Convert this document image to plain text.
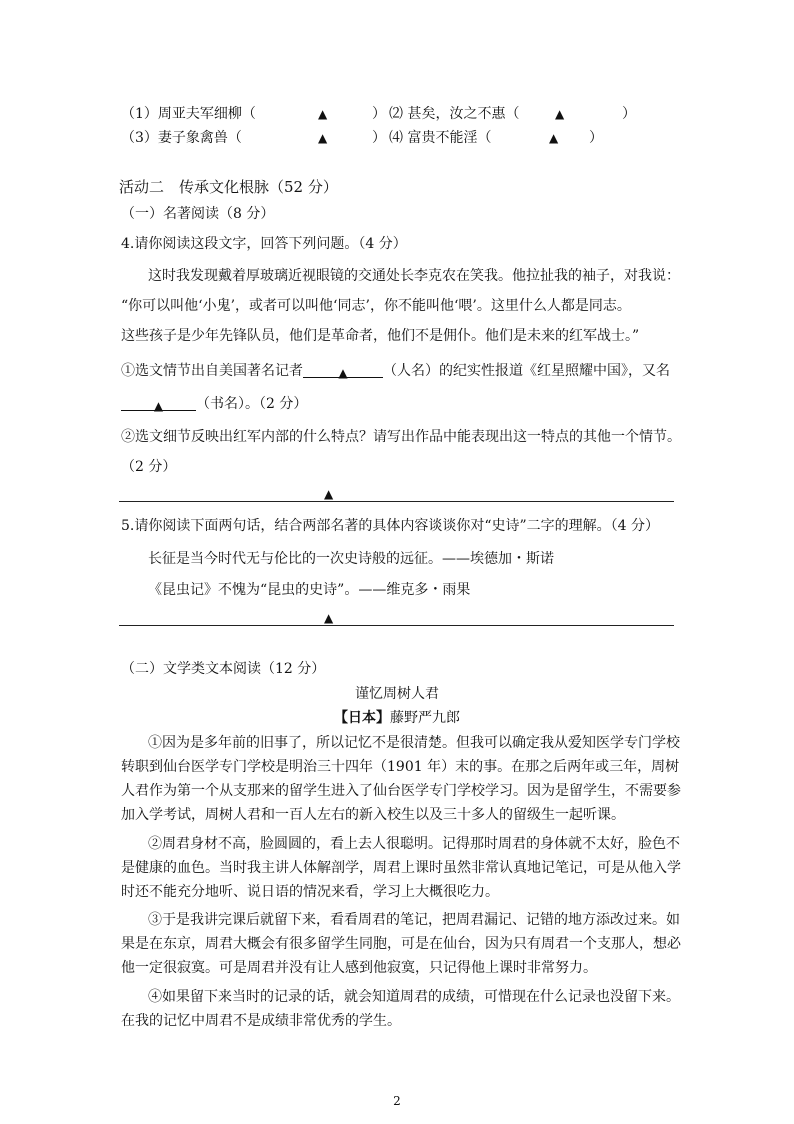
（1）周亚夫军细柳（	▲	） ⑵ 甚矣，汝之不惠（	▲	）
（3）妻子象禽兽（	▲	） ⑷ 富贵不能淫（	▲ ）
活动二　传承文化根脉（52 分）
（一）名著阅读（8 分）
4.请你阅读这段文字，回答下列问题。（4 分）
这时我发现戴着厚玻璃近视眼镜的交通处长李克农在笑我。他拉扯我的袖子，对我说：
“你可以叫他‘小鬼’，或者可以叫他‘同志’，你不能叫他‘喂’。这里什么人都是同志。
这些孩子是少年先锋队员，他们是革命者，他们不是佣仆。他们是未来的红军战士。”
①选文情节出自美国著名记者	▲	（人名）的纪实性报道《红星照耀中国》，又名
▲ （书名）。（2 分）
②选文细节反映出红军内部的什么特点？请写出作品中能表现出这一特点的其他一个情节。
（2 分）
▲
5.请你阅读下面两句话，结合两部名著的具体内容谈谈你对“史诗”二字的理解。（4 分）
长征是当今时代无与伦比的一次史诗般的远征。——埃德加・斯诺
《昆虫记》不愧为“昆虫的史诗”。——维克多・雨果
▲
（二）文学类文本阅读（12 分）
谨忆周树人君
【日本】藤野严九郎
①因为是多年前的旧事了，所以记忆不是很清楚。但我可以确定我从爱知医学专门学校
转职到仙台医学专门学校是明治三十四年（1901 年）末的事。在那之后两年或三年，周树
人君作为第一个从支那来的留学生进入了仙台医学专门学校学习。因为是留学生，不需要参
加入学考试，周树人君和一百人左右的新入校生以及三十多人的留级生一起听课。
②周君身材不高，脸圆圆的，看上去人很聪明。记得那时周君的身体就不太好，脸色不
是健康的血色。当时我主讲人体解剖学，周君上课时虽然非常认真地记笔记，可是从他入学
时还不能充分地听、说日语的情况来看，学习上大概很吃力。
③于是我讲完课后就留下来，看看周君的笔记，把周君漏记、记错的地方添改过来。如
果是在东京，周君大概会有很多留学生同胞，可是在仙台，因为只有周君一个支那人，想必
他一定很寂寞。可是周君并没有让人感到他寂寞，只记得他上课时非常努力。
④如果留下来当时的记录的话，就会知道周君的成绩，可惜现在什么记录也没留下来。
在我的记忆中周君不是成绩非常优秀的学生。
2
